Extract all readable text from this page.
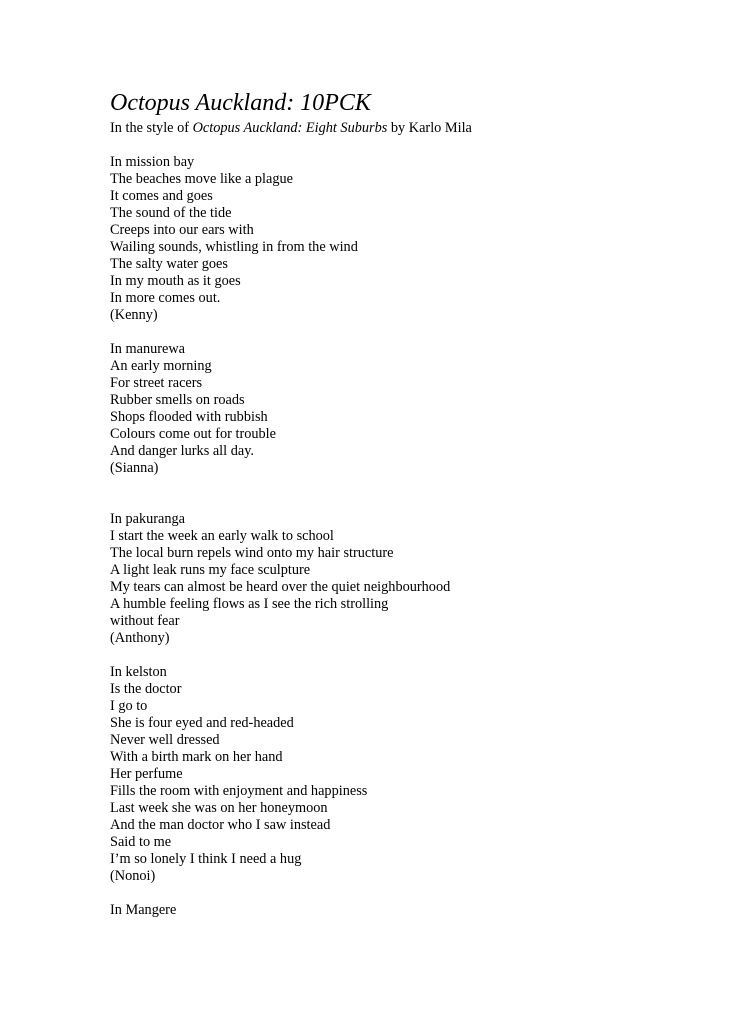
Octopus Auckland: 10PCK
In the style of Octopus Auckland: Eight Suburbs by Karlo Mila
In mission bay
The beaches move like a plague
It comes and goes
The sound of the tide
Creeps into our ears with
Wailing sounds, whistling in from the wind
The salty water goes
In my mouth as it goes
In more comes out.
(Kenny)
In manurewa
An early morning
For street racers
Rubber smells on roads
Shops flooded with rubbish
Colours come out for trouble
And danger lurks all day.
(Sianna)
In pakuranga
I start the week an early walk to school
The local burn repels wind onto my hair structure
A light leak runs my face sculpture
My tears can almost be heard over the quiet neighbourhood
A humble feeling flows as I see the rich strolling
without fear
(Anthony)
In kelston
Is the doctor
I go to
She is four eyed and red-headed
Never well dressed
With a birth mark on her hand
Her perfume
Fills the room with enjoyment and happiness
Last week she was on her honeymoon
And the man doctor who I saw instead
Said to me
I’m so lonely I think I need a hug
(Nonoi)
In Mangere
